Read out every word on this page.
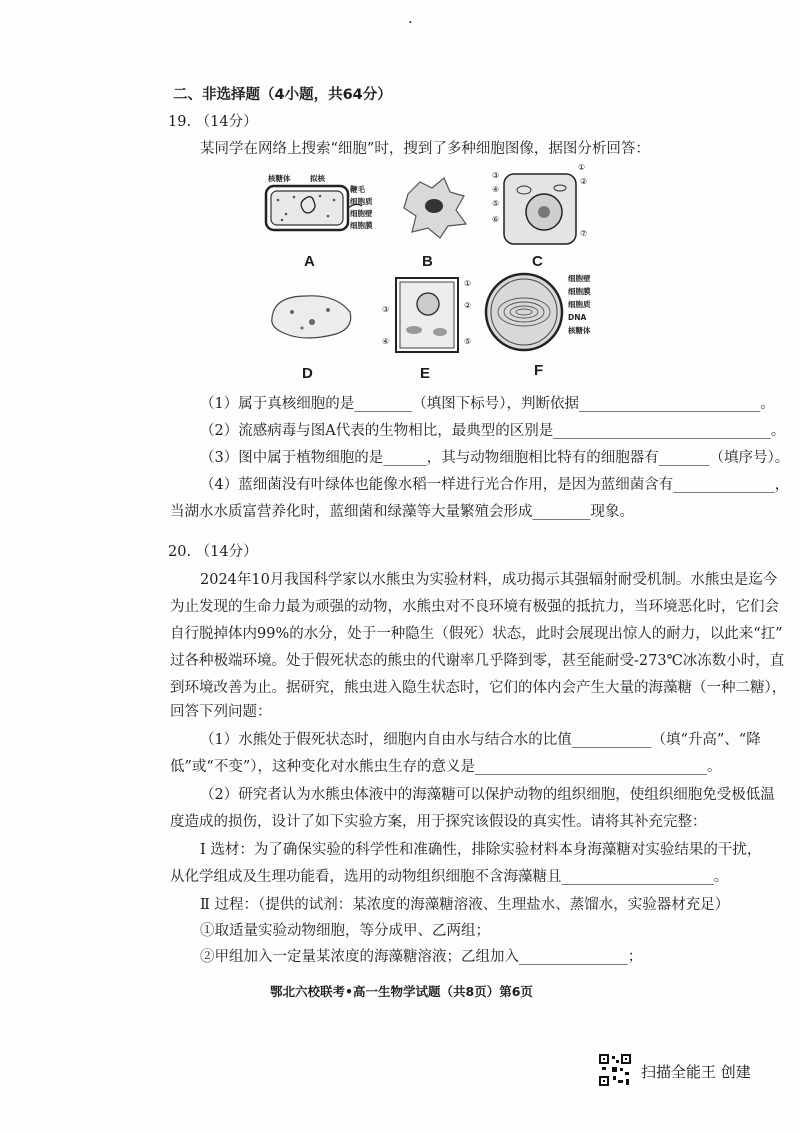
·
二、非选择题（4小题，共64分）
19. （14分）
某同学在网络上搜索“细胞”时，搜到了多种细胞图像，据图分析回答：
核糖体	拟核
鞭毛
细胞质
细胞壁
细胞膜
A	B
①
②
③
④
⑤
⑥
⑦
C
D
①
②
③
④	⑤
E
细胞壁
细胞膜
细胞质
DNA
核糖体
F
（1）属于真核细胞的是________（填图下标号），判断依据_________________________。
（2）流感病毒与图A代表的生物相比，最典型的区别是______________________________。
（3）图中属于植物细胞的是______，其与动物细胞相比特有的细胞器有_______（填序号）。
（4）蓝细菌没有叶绿体也能像水稻一样进行光合作用，是因为蓝细菌含有______________，
当湖水水质富营养化时，蓝细菌和绿藻等大量繁殖会形成________现象。
20. （14分）
2024年10月我国科学家以水熊虫为实验材料，成功揭示其强辐射耐受机制。水熊虫是迄今
为止发现的生命力最为顽强的动物，水熊虫对不良环境有极强的抵抗力，当环境恶化时，它们会
自行脱掉体内99%的水分，处于一种隐生（假死）状态，此时会展现出惊人的耐力，以此来“扛”
过各种极端环境。处于假死状态的熊虫的代谢率几乎降到零，甚至能耐受-273℃冰冻数小时，直
到环境改善为止。据研究，熊虫进入隐生状态时，它们的体内会产生大量的海藻糖（一种二糖），
回答下列问题：
（1）水熊处于假死状态时，细胞内自由水与结合水的比值___________（填“升高”、“降
低”或“不变”），这种变化对水熊虫生存的意义是________________________________。
（2）研究者认为水熊虫体液中的海藻糖可以保护动物的组织细胞，使组织细胞免受极低温
度造成的损伤，设计了如下实验方案，用于探究该假设的真实性。请将其补充完整：
Ⅰ 选材：为了确保实验的科学性和准确性，排除实验材料本身海藻糖对实验结果的干扰，
从化学组成及生理功能看，选用的动物组织细胞不含海藻糖且_____________________。
Ⅱ 过程：（提供的试剂：某浓度的海藻糖溶液、生理盐水、蒸馏水，实验器材充足）
①取适量实验动物细胞，等分成甲、乙两组；
②甲组加入一定量某浓度的海藻糖溶液；乙组加入_______________；
鄂北六校联考•高一生物学试题（共8页）第6页
扫描全能王 创建
